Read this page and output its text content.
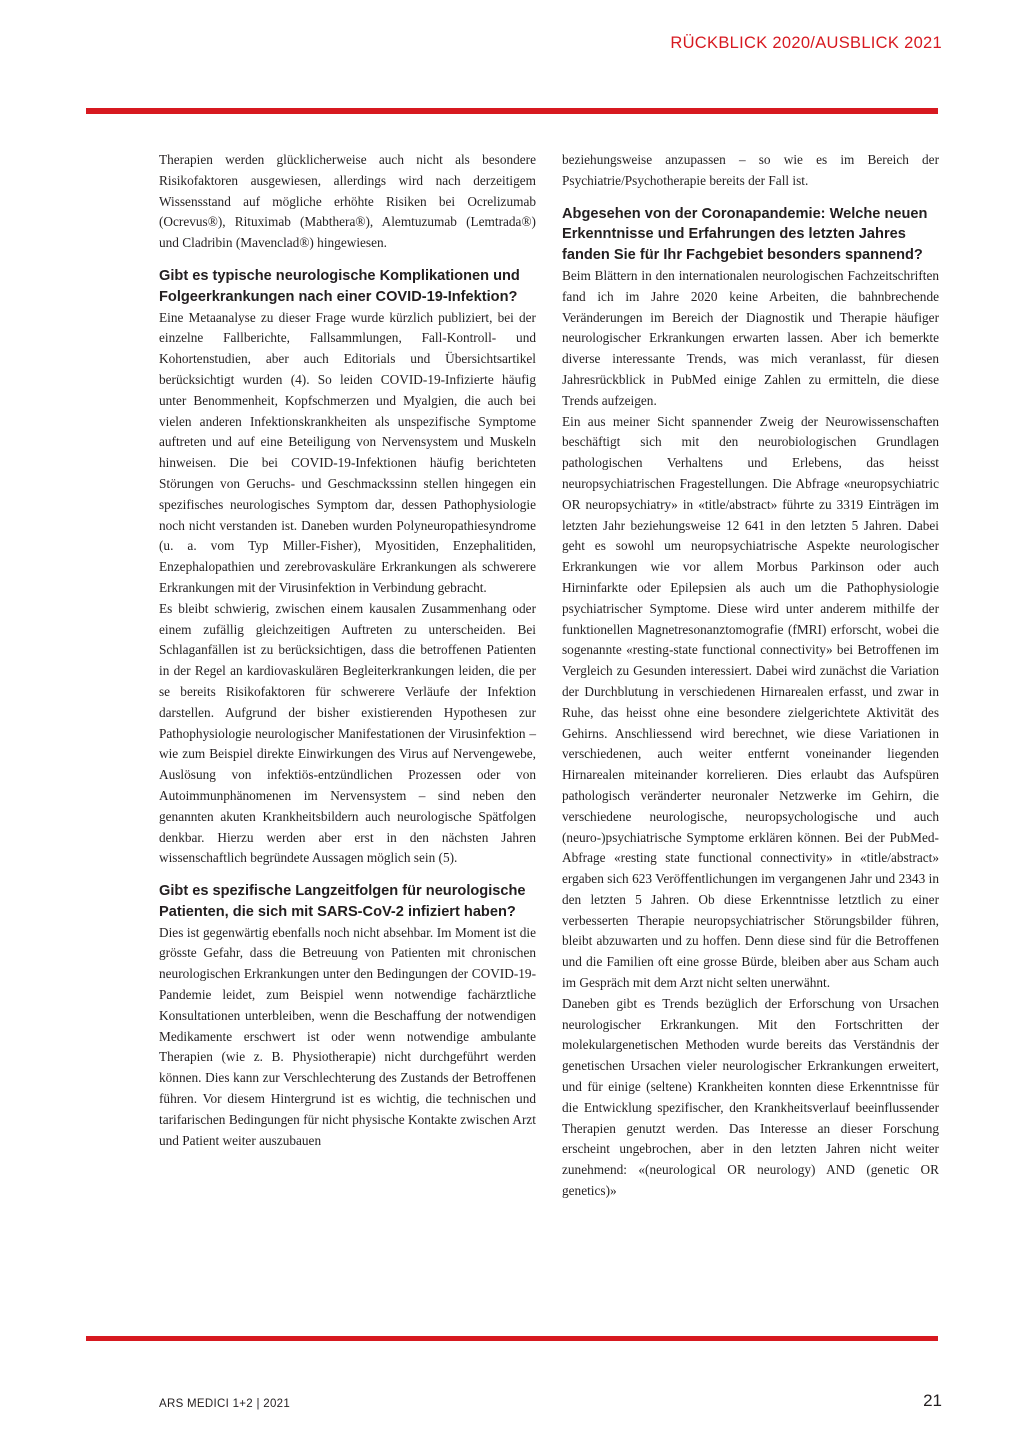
RÜCKBLICK 2020/AUSBLICK 2021

Therapien werden glücklicherweise auch nicht als besondere Risikofaktoren ausgewiesen, allerdings wird nach derzeitigem Wissensstand auf mögliche erhöhte Risiken bei Ocrelizumab (Ocrevus®), Rituximab (Mabthera®), Alemtuzumab (Lemtrada®) und Cladribin (Mavenclad®) hingewiesen.

Gibt es typische neurologische Komplikationen und Folgeerkrankungen nach einer COVID-19-Infektion?

Eine Metaanalyse zu dieser Frage wurde kürzlich publiziert, bei der einzelne Fallberichte, Fallsammlungen, Fall-Kontroll- und Kohortenstudien, aber auch Editorials und Übersichtsartikel berücksichtigt wurden (4). So leiden COVID-19-Infizierte häufig unter Benommenheit, Kopfschmerzen und Myalgien, die auch bei vielen anderen Infektionskrankheiten als unspezifische Symptome auftreten und auf eine Beteiligung von Nervensystem und Muskeln hinweisen. Die bei COVID-19-Infektionen häufig berichteten Störungen von Geruchs- und Geschmackssinn stellen hingegen ein spezifisches neurologisches Symptom dar, dessen Pathophysiologie noch nicht verstanden ist. Daneben wurden Polyneuropathiesyndrome (u. a. vom Typ Miller-Fisher), Myositiden, Enzephalitiden, Enzephalopathien und zerebrovaskuläre Erkrankungen als schwerere Erkrankungen mit der Virusinfektion in Verbindung gebracht.

Es bleibt schwierig, zwischen einem kausalen Zusammenhang oder einem zufällig gleichzeitigen Auftreten zu unterscheiden. Bei Schlaganfällen ist zu berücksichtigen, dass die betroffenen Patienten in der Regel an kardiovaskulären Begleiterkrankungen leiden, die per se bereits Risikofaktoren für schwerere Verläufe der Infektion darstellen. Aufgrund der bisher existierenden Hypothesen zur Pathophysiologie neurologischer Manifestationen der Virusinfektion – wie zum Beispiel direkte Einwirkungen des Virus auf Nervengewebe, Auslösung von infektiös-entzündlichen Prozessen oder von Autoimmunphänomenen im Nervensystem – sind neben den genannten akuten Krankheitsbildern auch neurologische Spätfolgen denkbar. Hierzu werden aber erst in den nächsten Jahren wissenschaftlich begründete Aussagen möglich sein (5).

Gibt es spezifische Langzeitfolgen für neurologische Patienten, die sich mit SARS-CoV-2 infiziert haben?

Dies ist gegenwärtig ebenfalls noch nicht absehbar. Im Moment ist die grösste Gefahr, dass die Betreuung von Patienten mit chronischen neurologischen Erkrankungen unter den Bedingungen der COVID-19-Pandemie leidet, zum Beispiel wenn notwendige fachärztliche Konsultationen unterbleiben, wenn die Beschaffung der notwendigen Medikamente erschwert ist oder wenn notwendige ambulante Therapien (wie z. B. Physiotherapie) nicht durchgeführt werden können. Dies kann zur Verschlechterung des Zustands der Betroffenen führen. Vor diesem Hintergrund ist es wichtig, die technischen und tarifarischen Bedingungen für nicht physische Kontakte zwischen Arzt und Patient weiter auszubauen

beziehungsweise anzupassen – so wie es im Bereich der Psychiatrie/Psychotherapie bereits der Fall ist.

Abgesehen von der Coronapandemie: Welche neuen Erkenntnisse und Erfahrungen des letzten Jahres fanden Sie für Ihr Fachgebiet besonders spannend?

Beim Blättern in den internationalen neurologischen Fachzeitschriften fand ich im Jahre 2020 keine Arbeiten, die bahnbrechende Veränderungen im Bereich der Diagnostik und Therapie häufiger neurologischer Erkrankungen erwarten lassen. Aber ich bemerkte diverse interessante Trends, was mich veranlasst, für diesen Jahresrückblick in PubMed einige Zahlen zu ermitteln, die diese Trends aufzeigen.

Ein aus meiner Sicht spannender Zweig der Neurowissenschaften beschäftigt sich mit den neurobiologischen Grundlagen pathologischen Verhaltens und Erlebens, das heisst neuropsychiatrischen Fragestellungen. Die Abfrage «neuropsychiatric OR neuropsychiatry» in «title/abstract» führte zu 3319 Einträgen im letzten Jahr beziehungsweise 12 641 in den letzten 5 Jahren. Dabei geht es sowohl um neuropsychiatrische Aspekte neurologischer Erkrankungen wie vor allem Morbus Parkinson oder auch Hirninfarkte oder Epilepsien als auch um die Pathophysiologie psychiatrischer Symptome. Diese wird unter anderem mithilfe der funktionellen Magnetresonanztomografie (fMRI) erforscht, wobei die sogenannte «resting-state functional connectivity» bei Betroffenen im Vergleich zu Gesunden interessiert. Dabei wird zunächst die Variation der Durchblutung in verschiedenen Hirnarealen erfasst, und zwar in Ruhe, das heisst ohne eine besondere zielgerichtete Aktivität des Gehirns. Anschliessend wird berechnet, wie diese Variationen in verschiedenen, auch weiter entfernt voneinander liegenden Hirnarealen miteinander korrelieren. Dies erlaubt das Aufspüren pathologisch veränderter neuronaler Netzwerke im Gehirn, die verschiedene neurologische, neuropsychologische und auch (neuro-)psychiatrische Symptome erklären können. Bei der PubMed-Abfrage «resting state functional connectivity» in «title/abstract» ergaben sich 623 Veröffentlichungen im vergangenen Jahr und 2343 in den letzten 5 Jahren. Ob diese Erkenntnisse letztlich zu einer verbesserten Therapie neuropsychiatrischer Störungsbilder führen, bleibt abzuwarten und zu hoffen. Denn diese sind für die Betroffenen und die Familien oft eine grosse Bürde, bleiben aber aus Scham auch im Gespräch mit dem Arzt nicht selten unerwähnt.

Daneben gibt es Trends bezüglich der Erforschung von Ursachen neurologischer Erkrankungen. Mit den Fortschritten der molekulargenetischen Methoden wurde bereits das Verständnis der genetischen Ursachen vieler neurologischer Erkrankungen erweitert, und für einige (seltene) Krankheiten konnten diese Erkenntnisse für die Entwicklung spezifischer, den Krankheitsverlauf beeinflussender Therapien genutzt werden. Das Interesse an dieser Forschung erscheint ungebrochen, aber in den letzten Jahren nicht weiter zunehmend: «(neurological OR neurology) AND (genetic OR genetics)»

ARS MEDICI 1+2 | 2021	21
